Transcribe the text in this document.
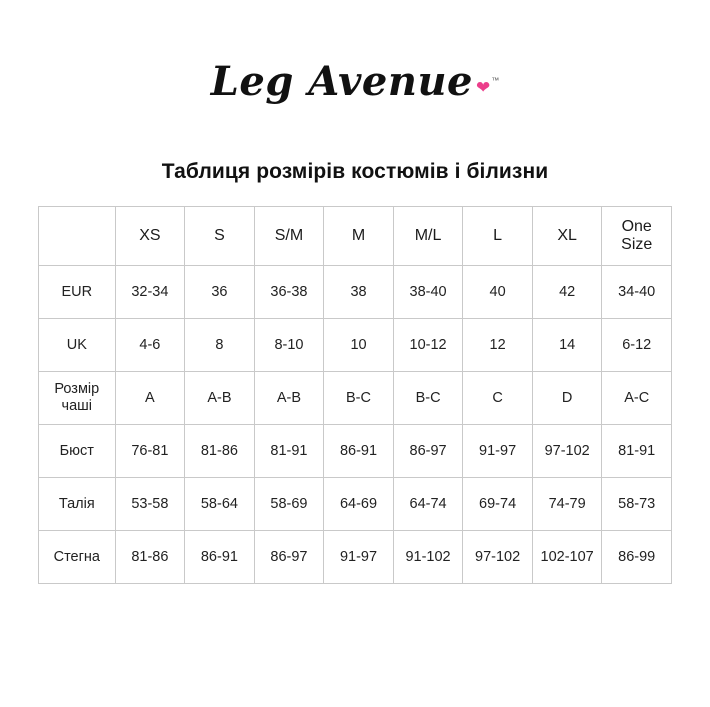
Leg Avenue ❤ ™
Таблиця розмірів костюмів і білизни
	XS	S	S/M	M	M/L	L	XL	One Size
EUR	32-34	36	36-38	38	38-40	40	42	34-40
UK	4-6	8	8-10	10	10-12	12	14	6-12
Розмір чаші	A	A-B	A-B	B-C	B-C	C	D	A-C
Бюст	76-81	81-86	81-91	86-91	86-97	91-97	97-102	81-91
Талія	53-58	58-64	58-69	64-69	64-74	69-74	74-79	58-73
Стегна	81-86	86-91	86-97	91-97	91-102	97-102	102-107	86-99
